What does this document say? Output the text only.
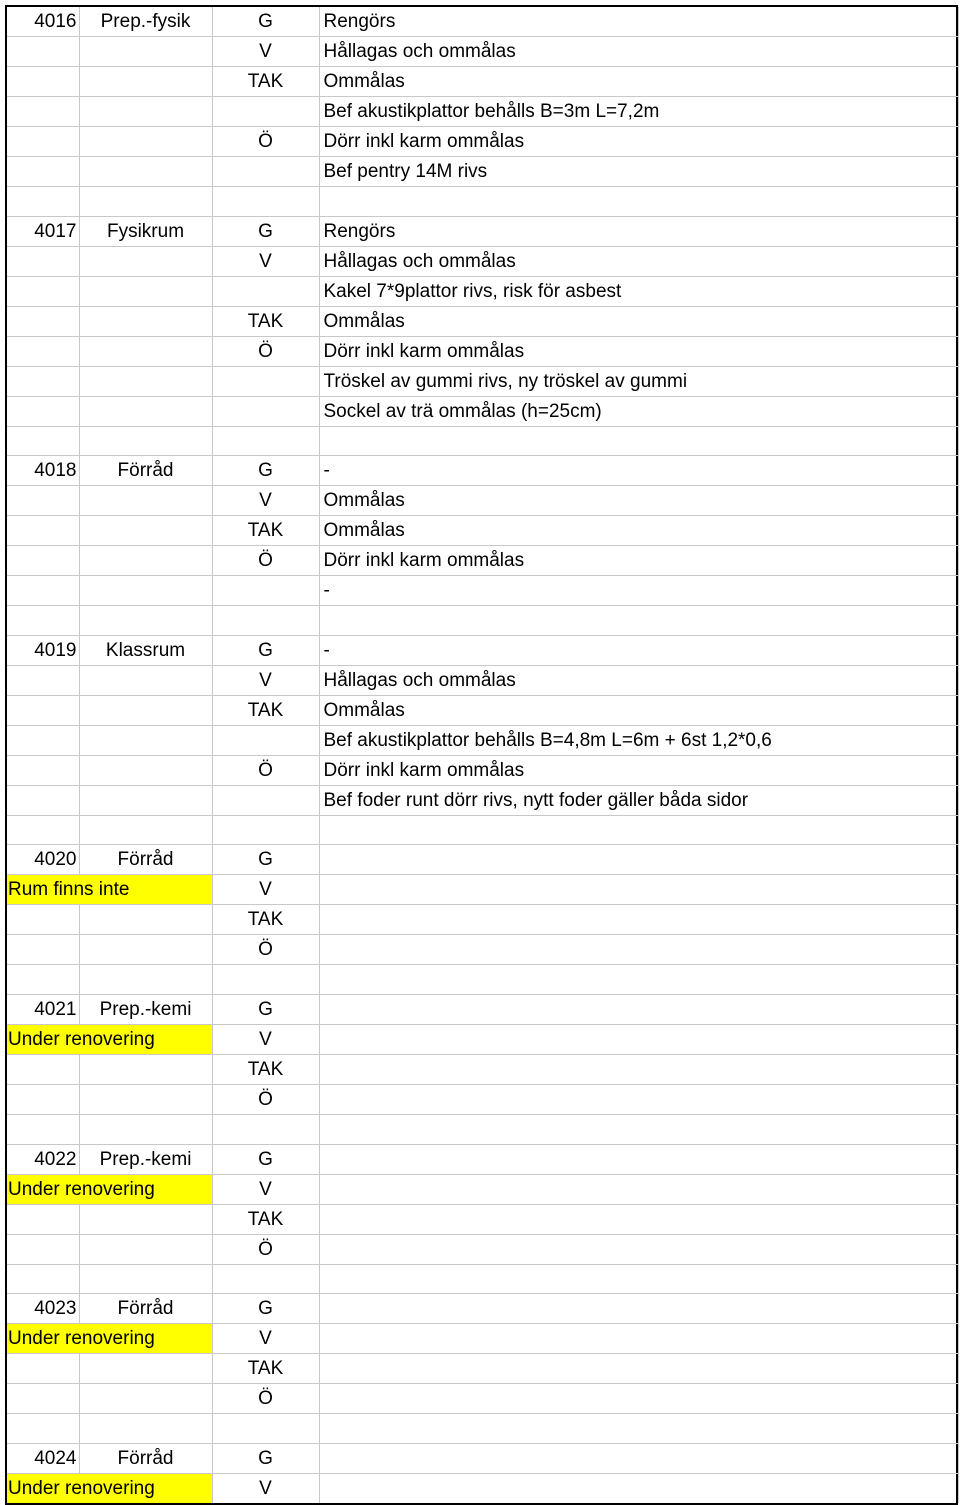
4016	Prep.-fysik	G	Rengörs
		V	Hållagas och ommålas
		TAK	Ommålas
			Bef akustikplattor behålls B=3m L=7,2m
		Ö	Dörr inkl karm ommålas
			Bef pentry 14M rivs

4017	Fysikrum	G	Rengörs
		V	Hållagas och ommålas
			Kakel 7*9plattor rivs, risk för asbest
		TAK	Ommålas
		Ö	Dörr inkl karm ommålas
			Tröskel av gummi rivs, ny tröskel av gummi
			Sockel av trä ommålas (h=25cm)

4018	Förråd	G	-
		V	Ommålas
		TAK	Ommålas
		Ö	Dörr inkl karm ommålas
			-

4019	Klassrum	G	-
		V	Hållagas och ommålas
		TAK	Ommålas
			Bef akustikplattor behålls B=4,8m L=6m + 6st 1,2*0,6
		Ö	Dörr inkl karm ommålas
			Bef foder runt dörr rivs, nytt foder gäller båda sidor

4020	Förråd	G	
Rum finns inte		V	
		TAK	
		Ö	

4021	Prep.-kemi	G	
Under renovering		V	
		TAK	
		Ö	

4022	Prep.-kemi	G	
Under renovering		V	
		TAK	
		Ö	

4023	Förråd	G	
Under renovering		V	
		TAK	
		Ö	

4024	Förråd	G	
Under renovering		V	
